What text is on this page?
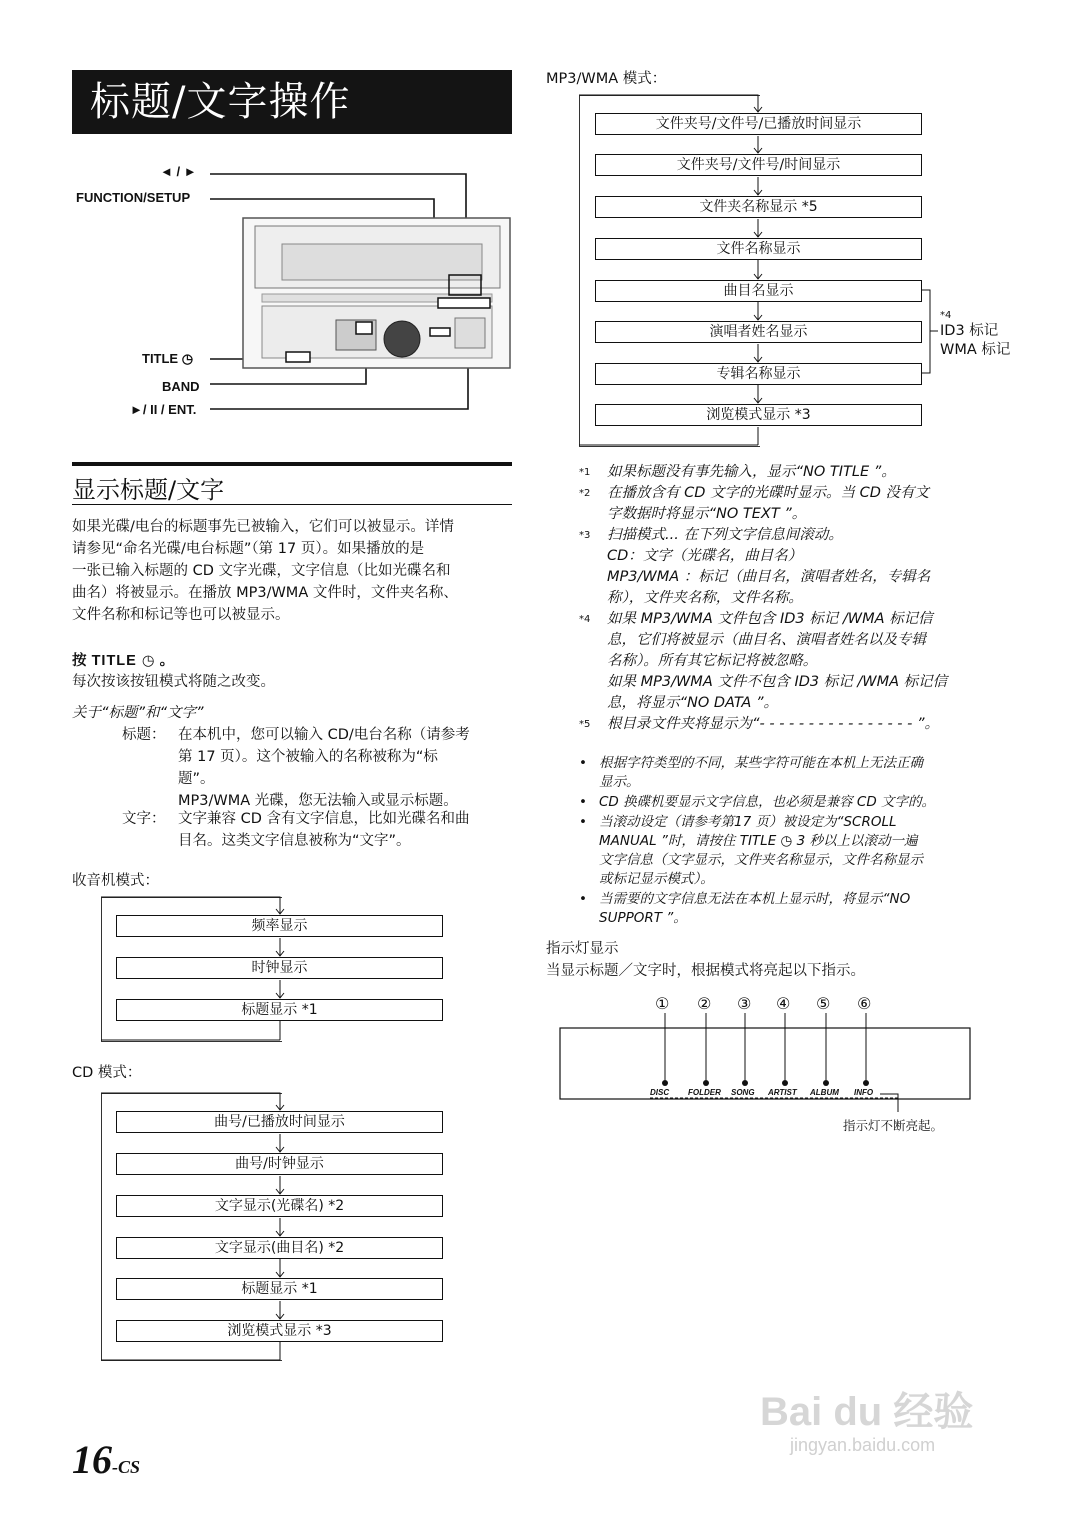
标题/文字操作
◄ / ►
FUNCTION/SETUP
TITLE ◷
BAND
►/ II / ENT.
显示标题/文字
如果光碟/电台的标题事先已被输入，它们可以被显示。详情
请参见“命名光碟/电台标题”（第 17 页）。如果播放的是
一张已输入标题的 CD 文字光碟，文字信息（比如光碟名和
曲名）将被显示。在播放 MP3/WMA 文件时，文件夹名称、
文件名称和标记等也可以被显示。
按 TITLE ◷ 。
每次按该按钮模式将随之改变。
关于“标题”和“文字”
标题： 在本机中，您可以输入 CD/电台名称（请参考
第 17 页）。这个被输入的名称被称为“标
题”。
MP3/WMA 光碟，您无法输入或显示标题。
文字： 文字兼容 CD 含有文字信息，比如光碟名和曲
目名。这类文字信息被称为“文字”。
收音机模式：
频率显示
时钟显示
标题显示 *1
CD 模式：
曲号/已播放时间显示
曲号/时钟显示
文字显示(光碟名) *2
文字显示(曲目名) *2
标题显示 *1
浏览模式显示 *3
MP3/WMA 模式：
文件夹号/文件号/已播放时间显示
文件夹号/文件号/时间显示
文件夹名称显示 *5
文件名称显示
曲目名显示
演唱者姓名显示
专辑名称显示
浏览模式显示 *3
*4
ID3 标记
WMA 标记
*1	如果标题没有事先输入，显示“NO TITLE ”。
*2	在播放含有 CD 文字的光碟时显示。当 CD 没有文
字数据时将显示“NO TEXT ”。
*3	扫描模式... 在下列文字信息间滚动。
CD：文字（光碟名，曲目名）
MP3/WMA ：标记（曲目名，演唱者姓名，专辑名
称），文件夹名称，文件名称。
*4	如果 MP3/WMA 文件包含 ID3 标记 /WMA 标记信
息，它们将被显示（曲目名、演唱者姓名以及专辑
名称）。所有其它标记将被忽略。
如果 MP3/WMA 文件不包含 ID3 标记 /WMA 标记信
息，将显示“NO DATA ”。
*5	根目录文件夹将显示为“- - - - - - - - - - - - - - - - ”。
• 根据字符类型的不同，某些字符可能在本机上无法正确
显示。
• CD 换碟机要显示文字信息，也必须是兼容 CD 文字的。
• 当滚动设定（请参考第17 页）被设定为“SCROLL
MANUAL ”时，请按住 TITLE ◷ 3 秒以上以滚动一遍
文字信息（文字显示，文件夹名称显示，文件名称显示
或标记显示模式）。
• 当需要的文字信息无法在本机上显示时，将显示“NO
SUPPORT ”。
指示灯显示
当显示标题／文字时，根据模式将亮起以下指示。
① ② ③ ④ ⑤ ⑥
DISC FOLDER SONG ARTIST ALBUM INFO
指示灯不断亮起。
16-CS
Bai du 经验
jingyan.baidu.com
